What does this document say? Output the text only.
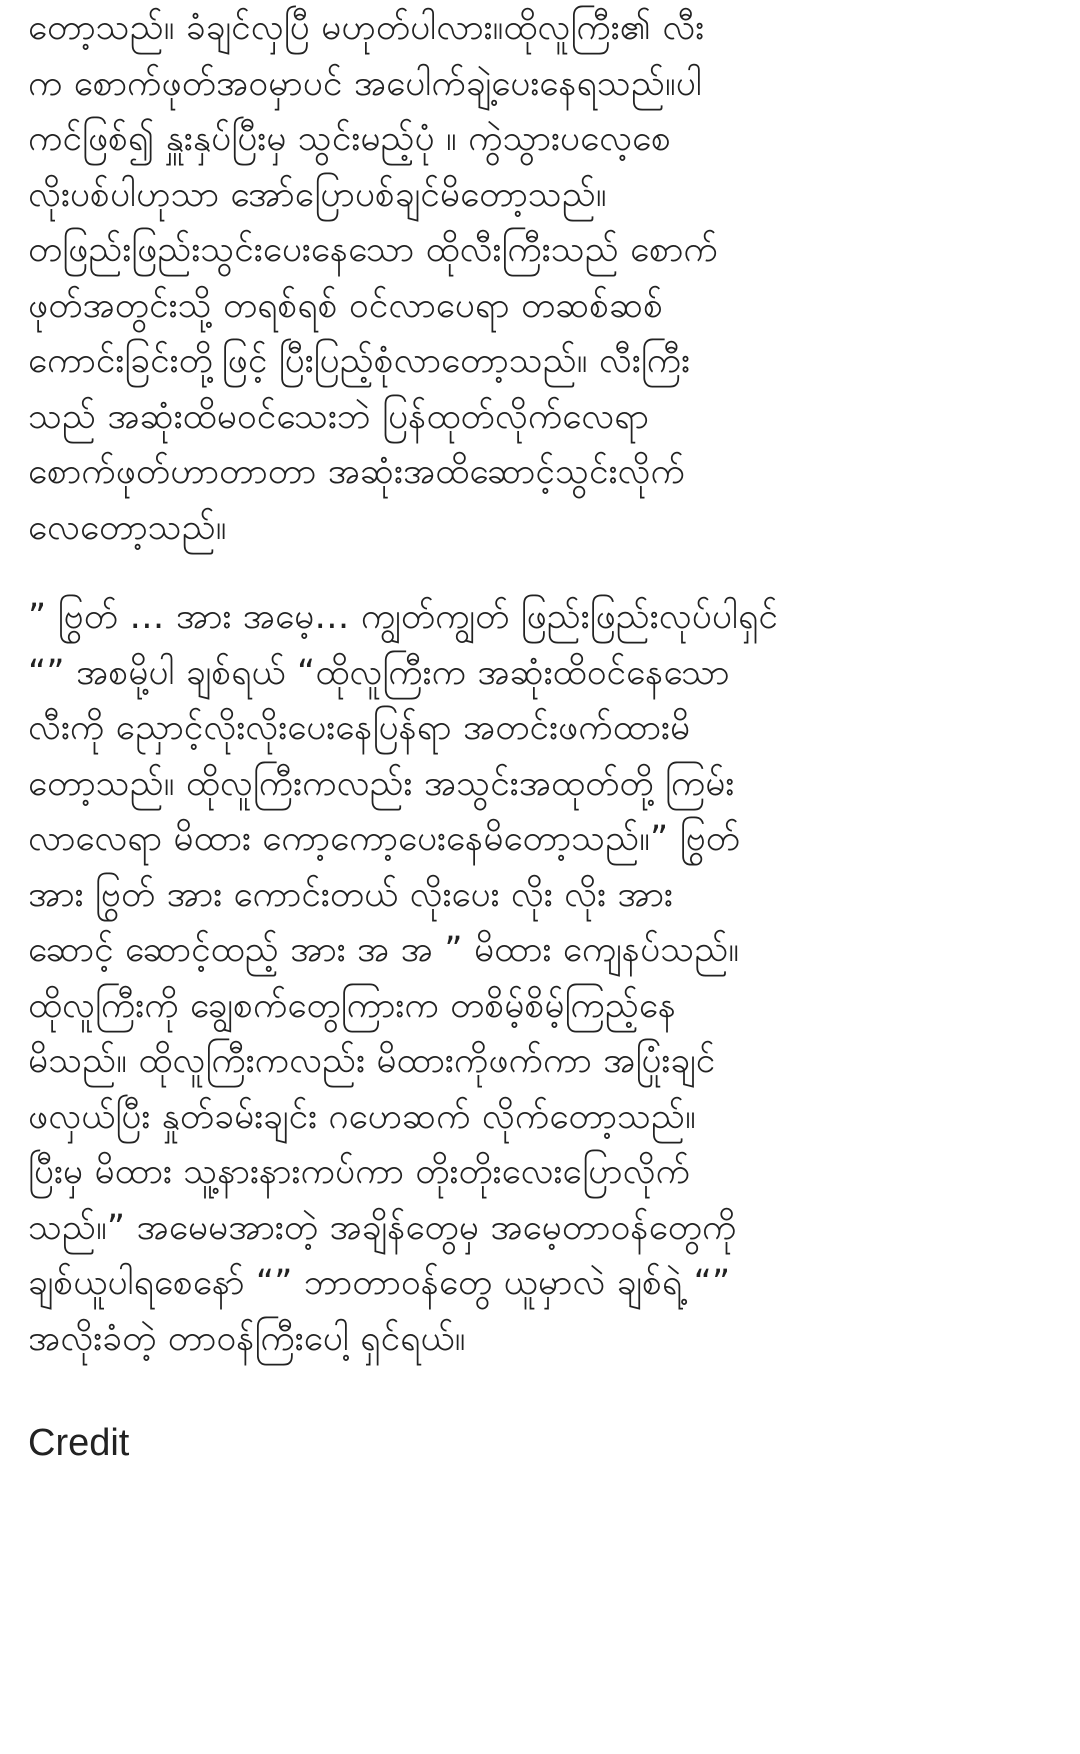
တော့သည်။ ခံချင်လှပြီ မဟုတ်ပါလား။ထိုလူကြီး၏ လီး
က စောက်ဖုတ်အဝမှာပင် အပေါက်ချဲ့ပေးနေရသည်။ပါ
ကင်ဖြစ်၍ နှူးနှပ်ပြီးမှ သွင်းမည့်ပုံ ။ ကွဲသွားပလေ့စေ
လိုးပစ်ပါဟုသာ အော်ပြောပစ်ချင်မိတော့သည်။
တဖြည်းဖြည်းသွင်းပေးနေသော ထိုလီးကြီးသည် စောက်
ဖုတ်အတွင်းသို့ တရစ်ရစ် ဝင်လာပေရာ တဆစ်ဆစ်
ကောင်းခြင်းတို့ဖြင့် ပြီးပြည့်စုံလာတော့သည်။ လီးကြီး
သည် အဆုံးထိမဝင်သေးဘဲ ပြန်ထုတ်လိုက်လေရာ
စောက်ဖုတ်ဟာတာတာ အဆုံးအထိဆောင့်သွင်းလိုက်
လေတော့သည်။
” ဗြွတ် … အား အမေ့… ကျွတ်ကျွတ် ဖြည်းဖြည်းလုပ်ပါရှင်
“” အစမို့ပါ ချစ်ရယ် “ထိုလူကြီးက အဆုံးထိဝင်နေသော
လီးကို ညှောင့်လိုးလိုးပေးနေပြန်ရာ အတင်းဖက်ထားမိ
တော့သည်။ ထိုလူကြီးကလည်း အသွင်းအထုတ်တို့ ကြမ်း
လာလေရာ မိထား ကော့ကော့ပေးနေမိတော့သည်။” ဗြွတ်
အား ဗြွတ် အား ကောင်းတယ် လိုးပေး လိုး လိုး အား
ဆောင့် ဆောင့်ထည့် အား အ အ ” မိထား ကျေနပ်သည်။
ထိုလူကြီးကို ချွေစက်တွေကြားက တစိမ့်စိမ့်ကြည့်နေ
မိသည်။ ထိုလူကြီးကလည်း မိထားကိုဖက်ကာ အပြုံးချင်
ဖလှယ်ပြီး နှုတ်ခမ်းချင်း ဂဟေဆက် လိုက်တော့သည်။
ပြီးမှ မိထား သူ့နားနားကပ်ကာ တိုးတိုးလေးပြောလိုက်
သည်။” အမေမအားတဲ့ အချိန်တွေမှ အမေ့တာဝန်တွေကို
ချစ်ယူပါရစေနော် “” ဘာတာဝန်တွေ ယူမှာလဲ ချစ်ရဲ့ “”
အလိုးခံတဲ့ တာဝန်ကြီးပေါ့ ရှင်ရယ်။
Credit
